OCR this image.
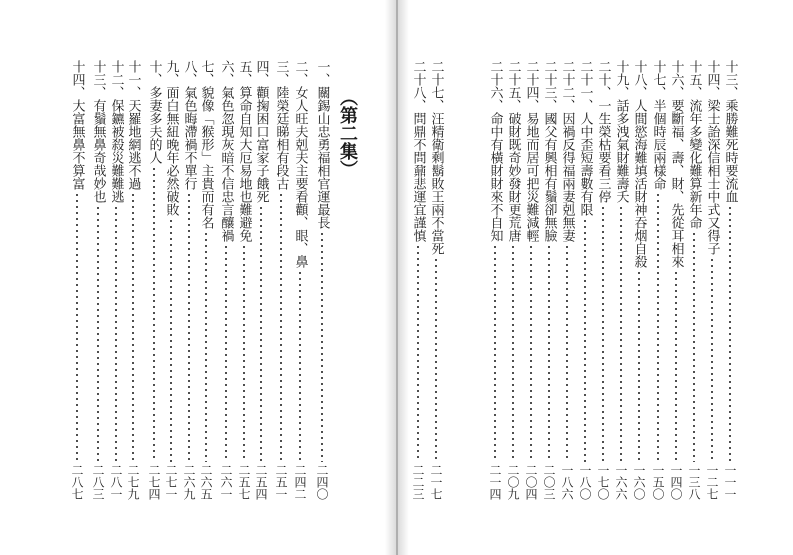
（第二集）
一、
關錫山忠勇福相官運最長
二四〇
二、
女人旺夫剋夫主要看顴、眼、鼻
二四二
三、
陸榮廷睇相有段古
二五一
四、
顴掬困口富家子餓死
二五四
五、
算命自知大厄易地也難避免
二五七
六、
氣色忽現灰暗不信忠言釀禍
二六一
七、
貌像「猴形」主貴而有名
二六五
八、
氣色晦滯禍不單行
二六九
九、
面白無紐晚年必然破敗
二七一
十、
多妻多夫的人
二七四
十一、
天羅地網逃不過
二七九
十二、
保鑣被殺災難難逃
二八一
十三、
有鬚無鼻奇哉妙也
二八三
十四、
大富無鼻不算富
二八七
十三、
乘勝難死時要流血
一一一
十四、
梁士詒深信相士中式又得子
一二七
十五、
流年多變化難算新年命
一三八
十六、
要斷福、壽、財、先從耳相來
一四〇
十七、
半個時辰兩樣命
一五〇
十八、
人間慾海難填活財神吞烟自殺
一六〇
十九、
話多洩氣財難壽夭
一六六
二十、
一生榮枯要看三停
一七〇
二十一、
人中歪短壽數有限
一八〇
二十二、
因禍反得福兩妻剋無妻
一八六
二十三、
國父有興相有鬚卻無臉
二〇三
二十四、
易地而居可把災難減輕
二〇四
二十五、
破財既奇妙發財更荒唐
二〇九
二十六、
命中有橫財財來不自知
二一四
二十七、
汪精衛剩鬍敗王兩不當死
二一七
二十八、
問鼎不問鼐悲運宜謹慎
二二三
